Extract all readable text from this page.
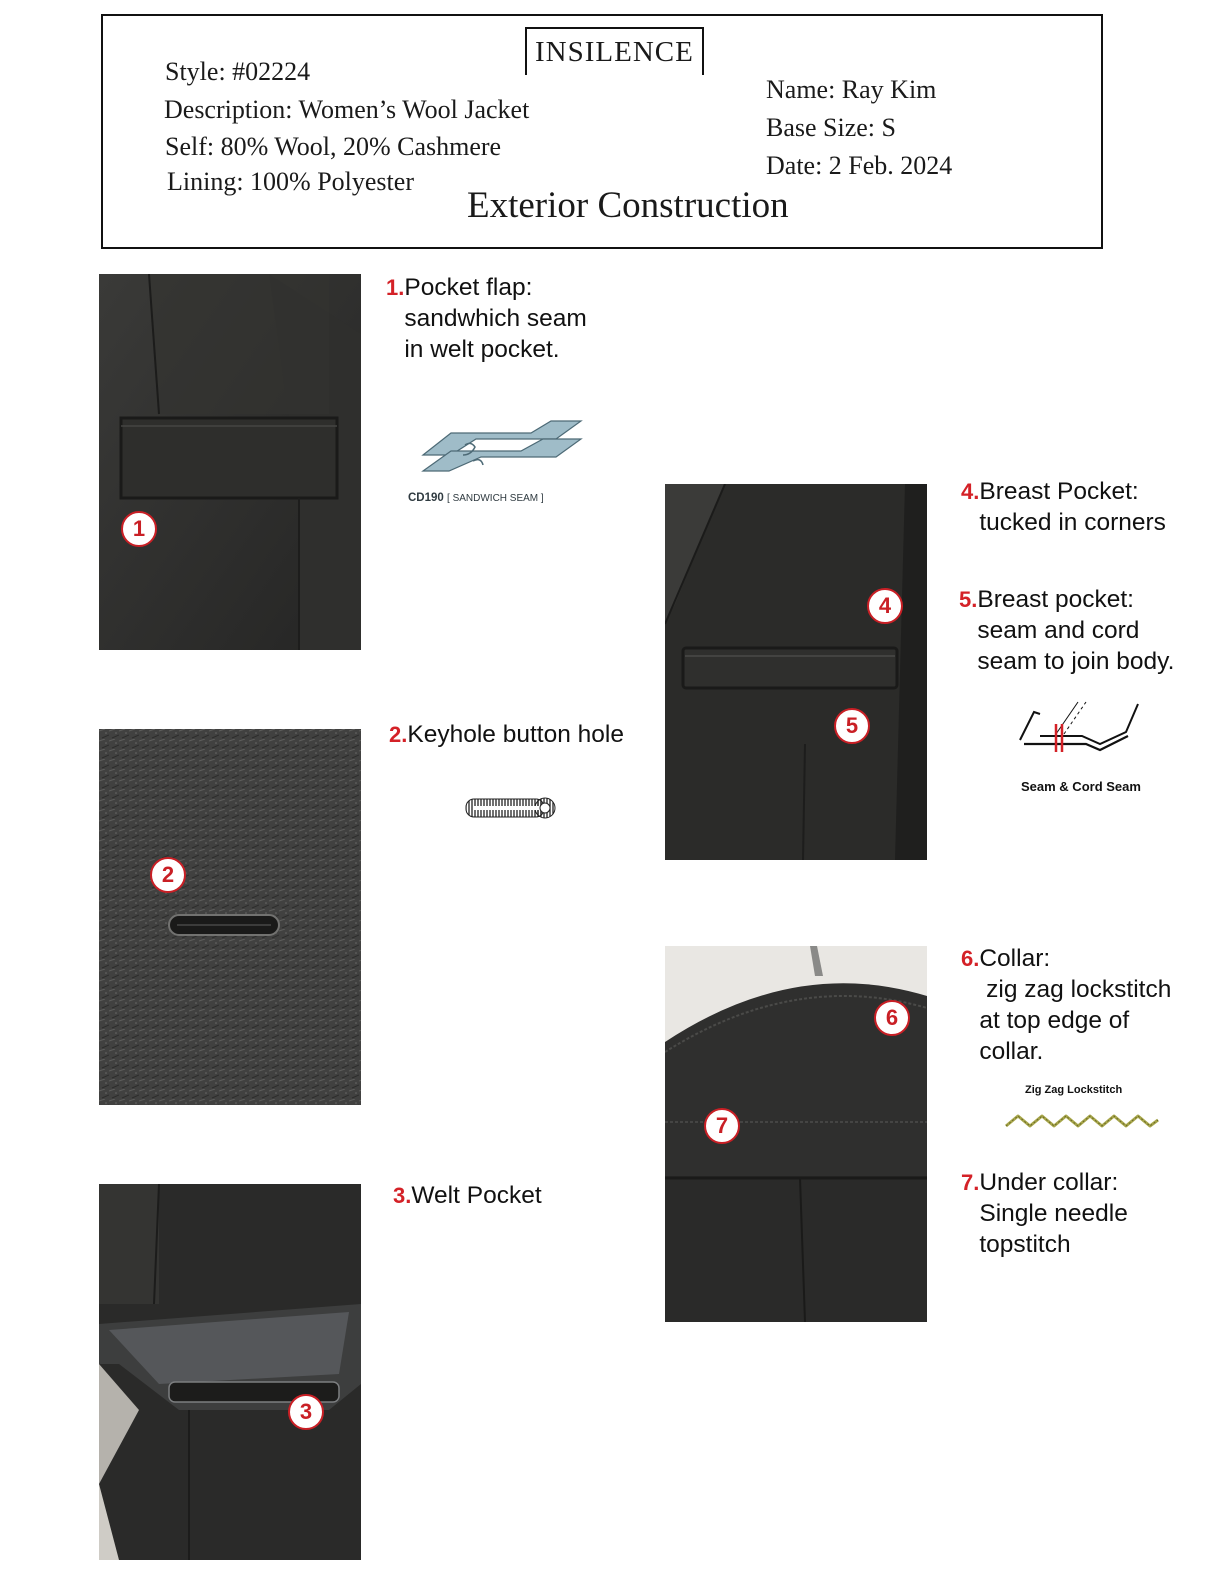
INSILENCE
Style: #02224
Description: Women’s Wool Jacket
Self: 80% Wool, 20% Cashmere
Lining: 100% Polyester
Name: Ray Kim
Base Size: S
Date: 2 Feb. 2024
Exterior Construction
1
2
3
4
5
6
7
1. Pocket flap:
sandwhich seam
in welt pocket.
2. Keyhole button hole
3. Welt Pocket
4. Breast Pocket:
tucked in corners
5. Breast pocket:
seam and cord
seam to join body.
6. Collar:
zig zag lockstitch
at top edge of
collar.
7. Under collar:
Single needle
topstitch
CD190 [ SANDWICH SEAM ]
Seam & Cord Seam
Zig Zag Lockstitch
